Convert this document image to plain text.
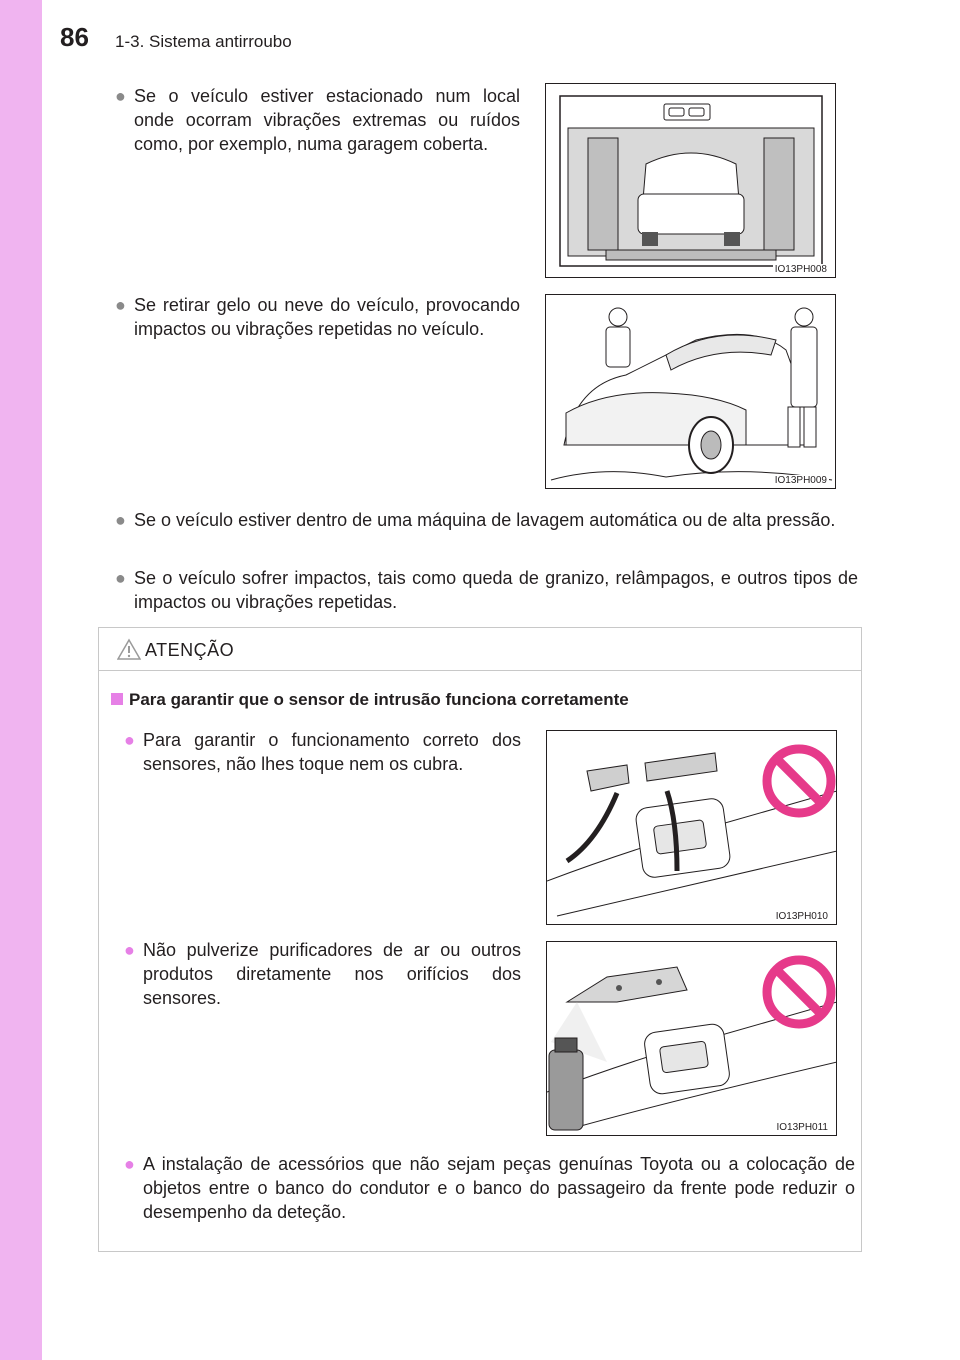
86 1-3. Sistema antirroubo
● Se o veículo estiver estacionado num local onde ocorram vibrações extremas ou ruídos como, por exemplo, numa garagem coberta.
IO13PH008
● Se retirar gelo ou neve do veículo, provocando impactos ou vibrações repetidas no veículo.
IO13PH009
● Se o veículo estiver dentro de uma máquina de lavagem automática ou de alta pressão.
● Se o veículo sofrer impactos, tais como queda de granizo, relâmpagos, e outros tipos de impactos ou vibrações repetidas.
ATENÇÃO
Para garantir que o sensor de intrusão funciona corretamente
● Para garantir o funcionamento correto dos sensores, não lhes toque nem os cubra.
IO13PH010
● Não pulverize purificadores de ar ou outros produtos diretamente nos orifícios dos sensores.
IO13PH011
● A instalação de acessórios que não sejam peças genuínas Toyota ou a colocação de objetos entre o banco do condutor e o banco do passageiro da frente pode reduzir o desempenho da deteção.
